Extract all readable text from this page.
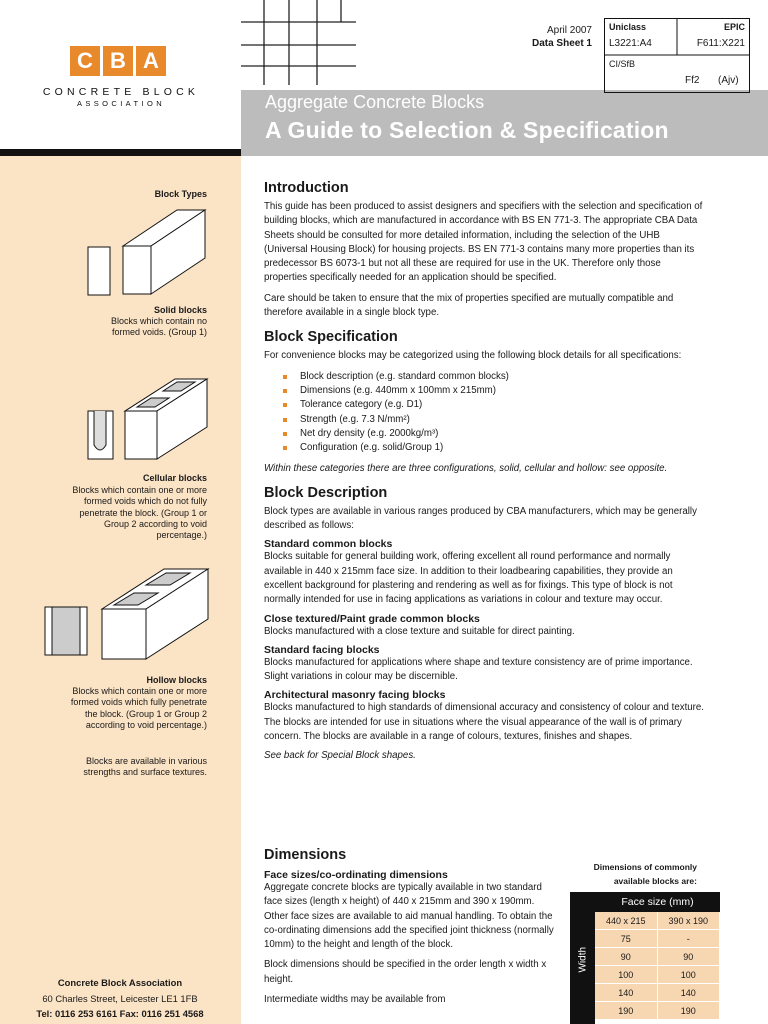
C B A
CONCRETE BLOCK
ASSOCIATION
April 2007
Data Sheet 1
Uniclass
L3221:A4
EPIC
F611:X221
CI/SfB
Ff2 (Ajv)
Aggregate Concrete Blocks
A Guide to Selection & Specification
Block Types
Solid blocks
Blocks which contain no formed voids. (Group 1)
Cellular blocks
Blocks which contain one or more formed voids which do not fully penetrate the block. (Group 1 or Group 2 according to void percentage.)
Hollow blocks
Blocks which contain one or more formed voids which fully penetrate the block. (Group 1 or Group 2 according to void percentage.)
Blocks are available in various strengths and surface textures.
Concrete Block Association
60 Charles Street, Leicester LE1 1FB
Tel: 0116 253 6161 Fax: 0116 251 4568
Introduction

This guide has been produced to assist designers and specifiers with the selection and specification of building blocks, which are manufactured in accordance with BS EN 771-3. The appropriate CBA Data Sheets should be consulted for more detailed information, including the selection of the UHB (Universal Housing Block) for housing projects. BS EN 771-3 contains many more properties than its predecessor BS 6073-1 but not all these are required for use in the UK. Therefore only those properties specifically needed for an application should be specified.

Care should be taken to ensure that the mix of properties specified are mutually compatible and therefore available in a single block type.

Block Specification

For convenience blocks may be categorized using the following block details for all specifications:

Block description (e.g. standard common blocks)
Dimensions (e.g. 440mm x 100mm x 215mm)
Tolerance category (e.g. D1)
Strength (e.g. 7.3 N/mm²)
Net dry density (e.g. 2000kg/m³)
Configuration (e.g. solid/Group 1)

Within these categories there are three configurations, solid, cellular and hollow: see opposite.

Block Description

Block types are available in various ranges produced by CBA manufacturers, which may be generally described as follows:

Standard common blocks

Blocks suitable for general building work, offering excellent all round performance and normally available in 440 x 215mm face size. In addition to their loadbearing capabilities, they provide an excellent background for plastering and rendering as well as for fixings. This type of block is not normally intended for use in facing applications as variations in colour and texture may occur.

Close textured/Paint grade common blocks

Blocks manufactured with a close texture and suitable for direct painting.

Standard facing blocks

Blocks manufactured for applications where shape and texture consistency are of prime importance. Slight variations in colour may be discernible.

Architectural masonry facing blocks

Blocks manufactured to high standards of dimensional accuracy and consistency of colour and texture. The blocks are intended for use in situations where the visual appearance of the wall is of primary concern. The blocks are available in a range of colours, textures, finishes and shapes.

See back for Special Block shapes.

Dimensions
Face sizes/co-ordinating dimensions

Aggregate concrete blocks are typically available in two standard face sizes (length x height) of 440 x 215mm and 390 x 190mm. Other face sizes are available to aid manual handling. To obtain the co-ordinating dimensions add the specified joint thickness (normally 10mm) to the height and length of the block.

Block dimensions should be specified in the order length x width x height.

Intermediate widths may be available from

Dimensions of commonly available blocks are:
Width
Face size (mm)
440 x 215	390 x 190
75	-
90	90
100	100
140	140
190	190
